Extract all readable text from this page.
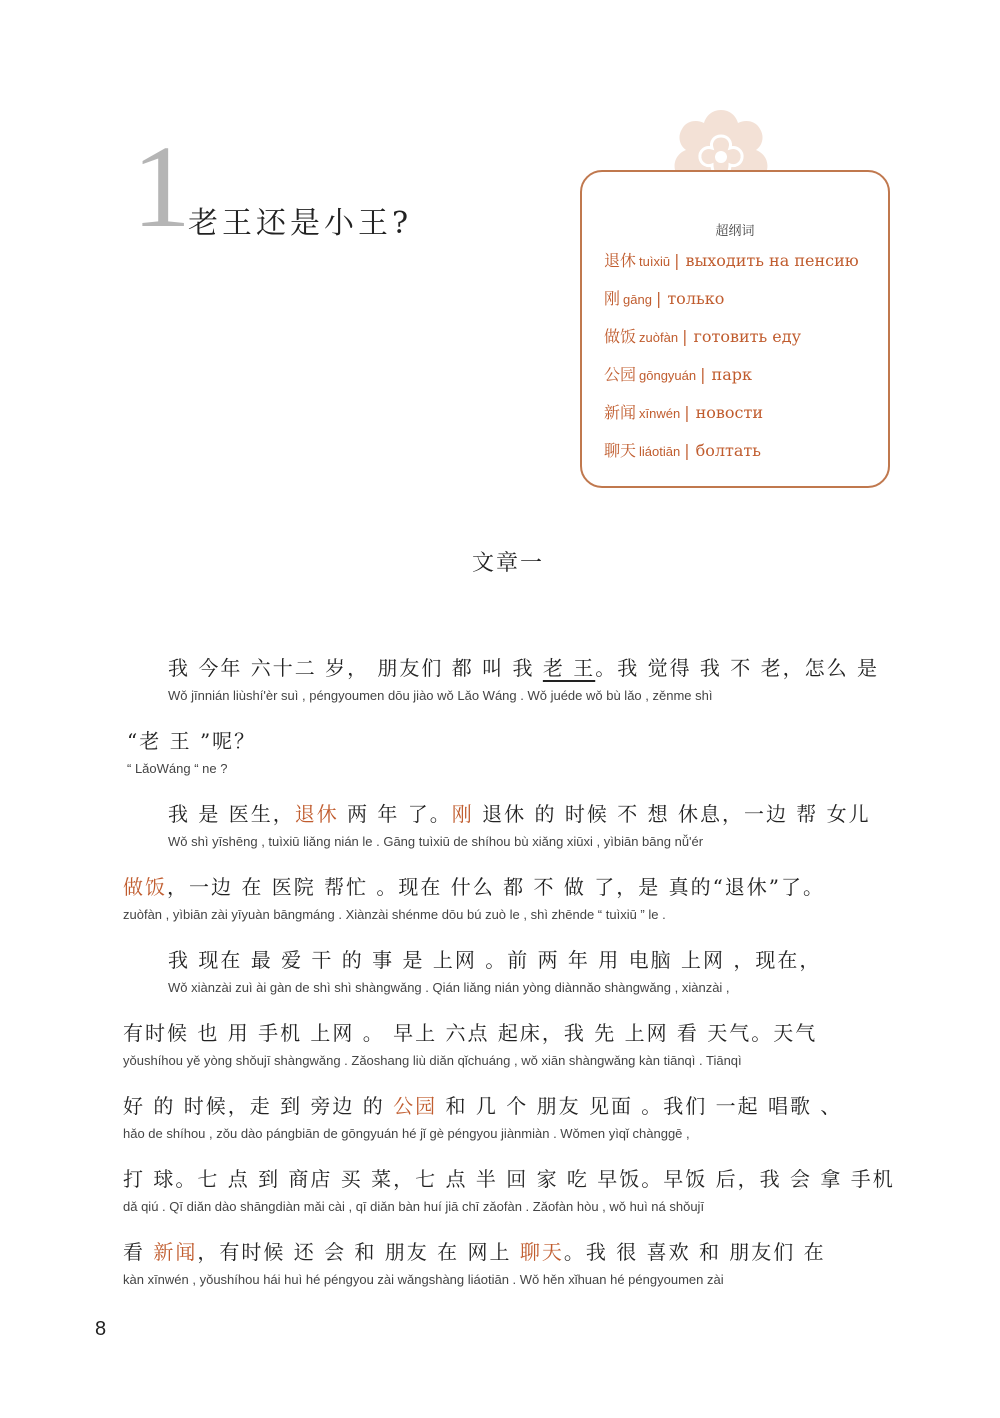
1
老王还是小王?	超纲词
退休 tuìxiū | выходить на пенсию
刚 gāng | только
做饭 zuòfàn | готовить еду
公园 gōngyuán | парк
新闻 xīnwén | новости
聊天 liáotiān | болтать
文章一
我 今年 六十二 岁， 朋友们 都 叫 我 老 王。我 觉得 我 不 老，怎么 是
Wǒ jīnnián liùshí'èr suì , péngyoumen dōu jiào wǒ Lǎo Wáng . Wǒ juéde wǒ bù lǎo , zěnme shì
“老 王 ”呢？
“ LǎoWáng “ ne ?
我 是 医生，退休 两 年 了。刚 退休 的 时候 不 想 休息，一边 帮 女儿
Wǒ shì yīshēng , tuìxiū liǎng nián le . Gāng tuìxiū de shíhou bù xiǎng xiūxi , yìbiān bāng nǚ'ér
做饭，一边 在 医院 帮忙 。现在 什么 都 不 做 了，是 真的“退休”了。
zuòfàn , yìbiān zài yīyuàn bāngmáng . Xiànzài shénme dōu bú zuò le , shì zhēnde “ tuìxiū ” le .
我 现在 最 爱 干 的 事 是 上网 。前 两 年 用 电脑 上网 ，现在，
Wǒ xiànzài zuì ài gàn de shì shì shàngwǎng . Qián liǎng nián yòng diànnǎo shàngwǎng , xiànzài ,
有时候 也 用 手机 上网 。 早上 六点 起床，我 先 上网 看 天气。天气
yǒushíhou yě yòng shǒujī shàngwǎng . Zǎoshang liù diǎn qǐchuáng , wǒ xiān shàngwǎng kàn tiānqì . Tiānqì
好 的 时候，走 到 旁边 的 公园 和 几 个 朋友 见面 。我们 一起 唱歌 、
hǎo de shíhou , zǒu dào pángbiān de gōngyuán hé jǐ gè péngyou jiànmiàn . Wǒmen yìqǐ chànggē ,
打 球。七 点 到 商店 买 菜，七 点 半 回 家 吃 早饭。早饭 后，我 会 拿 手机
dǎ qiú . Qī diǎn dào shāngdiàn mǎi cài , qī diǎn bàn huí jiā chī zǎofàn . Zǎofàn hòu , wǒ huì ná shǒujī
看 新闻，有时候 还 会 和 朋友 在 网上 聊天。我 很 喜欢 和 朋友们 在
kàn xīnwén , yǒushíhou hái huì hé péngyou zài wǎngshàng liáotiān . Wǒ hěn xǐhuan hé péngyoumen zài
8
